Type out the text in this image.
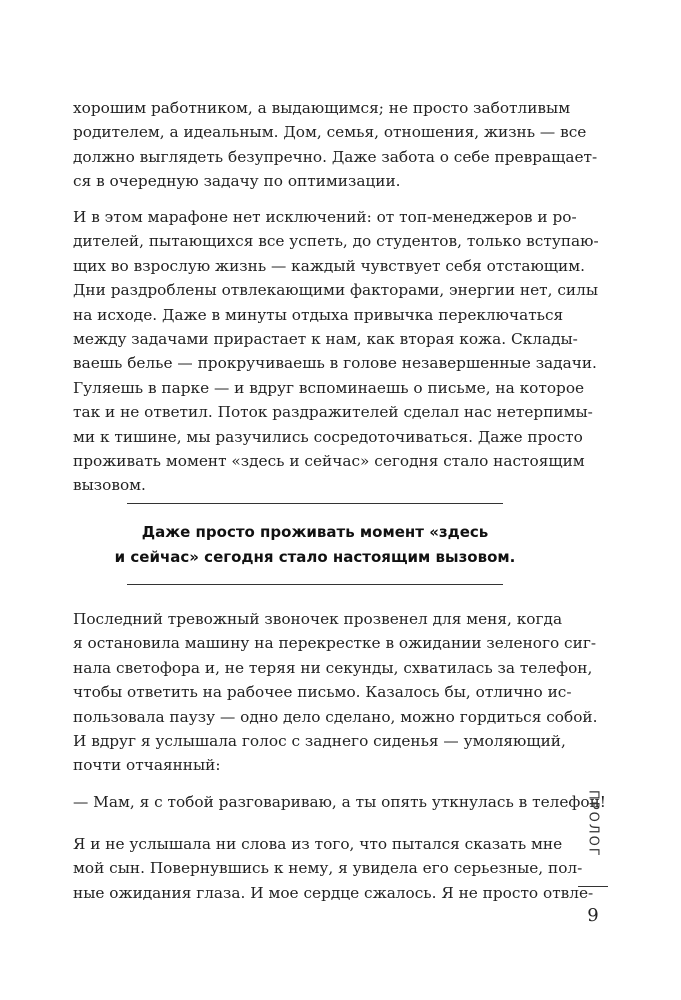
хорошим работником, а выдающимся; не просто заботливым
родителем, а идеальным. Дом, семья, отношения, жизнь — все
должно выглядеть безупречно. Даже забота о себе превращает-
ся в очередную задачу по оптимизации.
И в этом марафоне нет исключений: от топ-менеджеров и ро-
дителей, пытающихся все успеть, до студентов, только вступаю-
щих во взрослую жизнь — каждый чувствует себя отстающим.
Дни раздроблены отвлекающими факторами, энергии нет, силы
на исходе. Даже в минуты отдыха привычка переключаться
между задачами прирастает к нам, как вторая кожа. Склады-
ваешь белье — прокручиваешь в голове незавершенные задачи.
Гуляешь в парке — и вдруг вспоминаешь о письме, на которое
так и не ответил. Поток раздражителей сделал нас нетерпимы-
ми к тишине, мы разучились сосредоточиваться. Даже просто
проживать момент «здесь и сейчас» сегодня стало настоящим
вызовом.
Даже просто проживать момент «здесь
и сейчас» сегодня стало настоящим вызовом.
Последний тревожный звоночек прозвенел для меня, когда
я остановила машину на перекрестке в ожидании зеленого сиг-
нала светофора и, не теряя ни секунды, схватилась за телефон,
чтобы ответить на рабочее письмо. Казалось бы, отлично ис-
пользовала паузу — одно дело сделано, можно гордиться собой.
И вдруг я услышала голос с заднего сиденья — умоляющий,
почти отчаянный:
— Мам, я с тобой разговариваю, а ты опять уткнулась в телефон!
Я и не услышала ни слова из того, что пытался сказать мне
мой сын. Повернувшись к нему, я увидела его серьезные, пол-
ные ожидания глаза. И мое сердце сжалось. Я не просто отвле-
ПРОЛОГ
9
